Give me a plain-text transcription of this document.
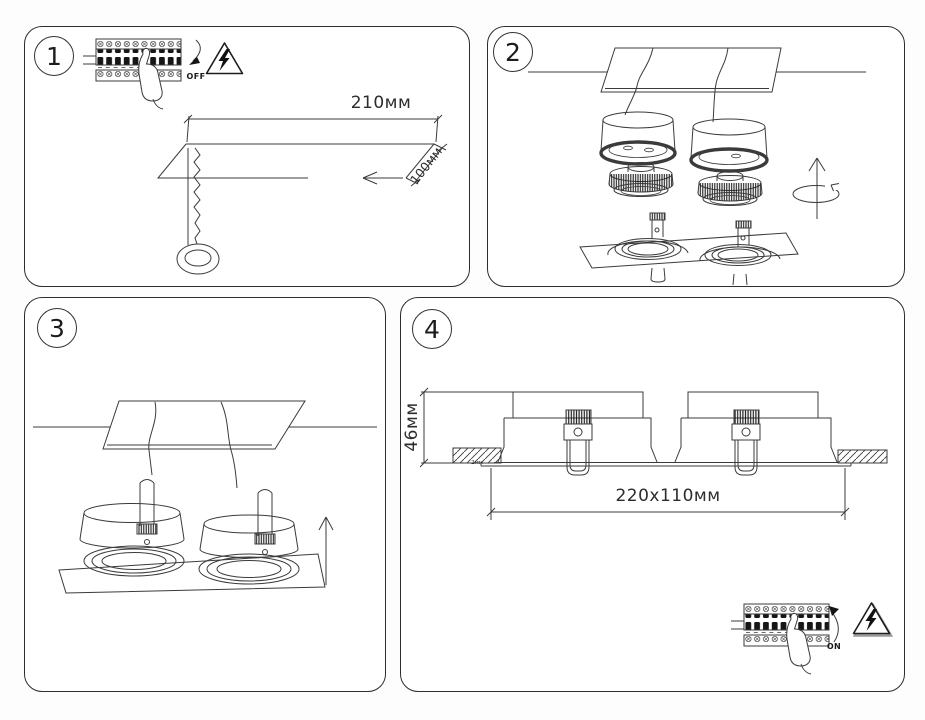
1
OFF
210мм
100мм
2
3	4
46мм
2мм
220x110мм
ON
